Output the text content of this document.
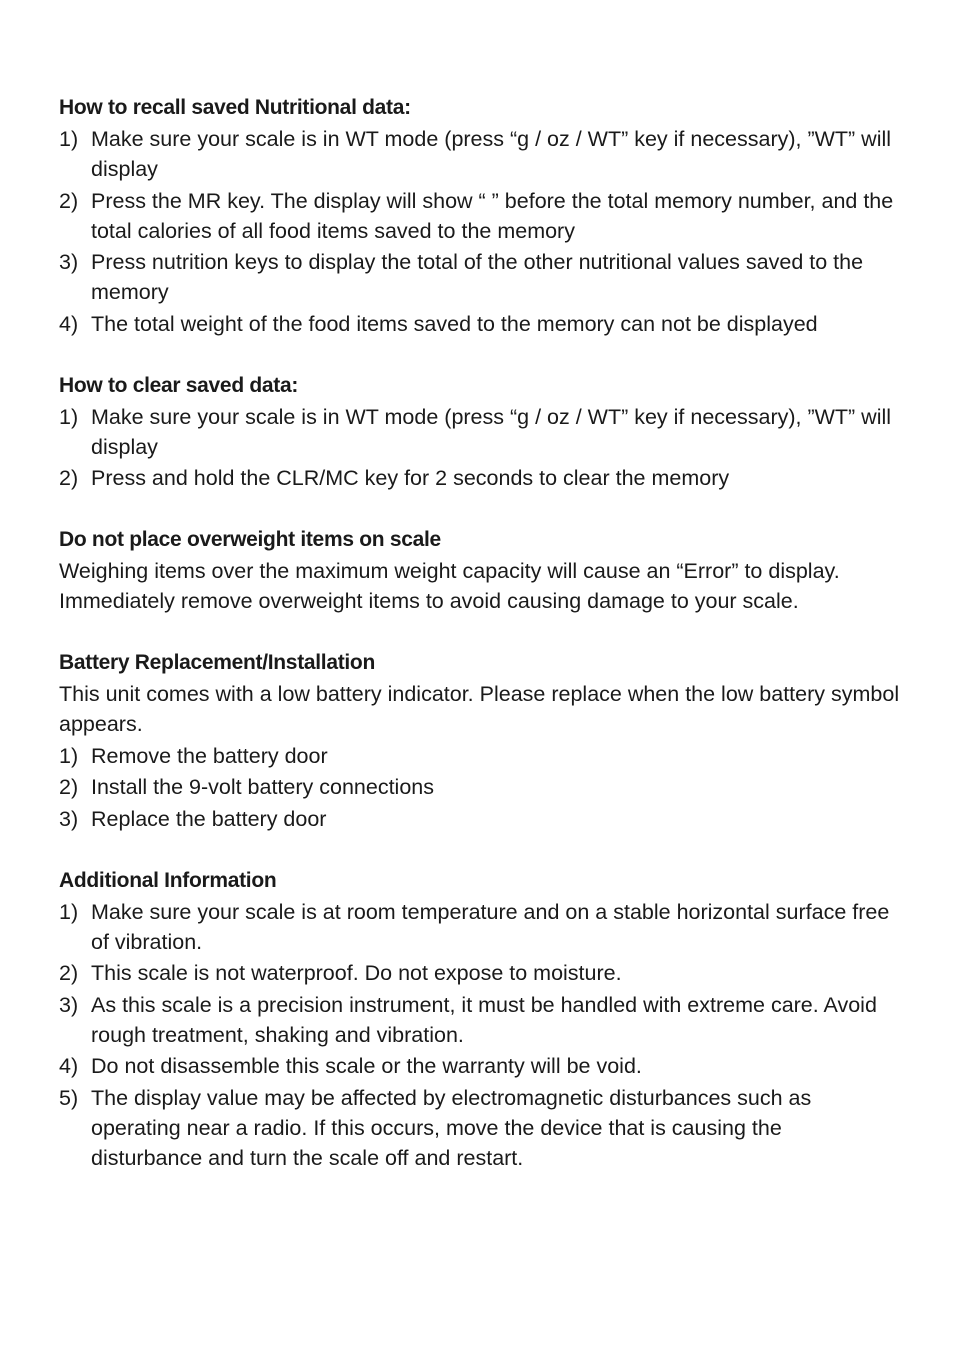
How to recall saved Nutritional data:
1) Make sure your scale is in WT mode (press “g / oz / WT” key if necessary), ”WT” will display
2) Press the MR key. The display will show “ ” before the total memory number, and the total calories of all food items saved to the memory
3) Press nutrition keys to display the total of the other nutritional values saved to the memory
4) The total weight of the food items saved to the memory can not be displayed
How to clear saved data:
1) Make sure your scale is in WT mode (press “g / oz / WT” key if necessary), ”WT” will display
2) Press and hold the CLR/MC key for 2 seconds to clear the memory
Do not place overweight items on scale

Weighing items over the maximum weight capacity will cause an “Error” to display. Immediately remove overweight items to avoid causing damage to your scale.

Battery Replacement/Installation

This unit comes with a low battery indicator. Please replace when the low battery symbol appears.

1) Remove the battery door
2) Install the 9-volt battery connections
3) Replace the battery door
Additional Information
1) Make sure your scale is at room temperature and on a stable horizontal surface free of vibration.
2) This scale is not waterproof. Do not expose to moisture.
3) As this scale is a precision instrument, it must be handled with extreme care. Avoid rough treatment, shaking and vibration.
4) Do not disassemble this scale or the warranty will be void.
5) The display value may be affected by electromagnetic disturbances such as operating near a radio. If this occurs, move the device that is causing the disturbance and turn the scale off and restart.
